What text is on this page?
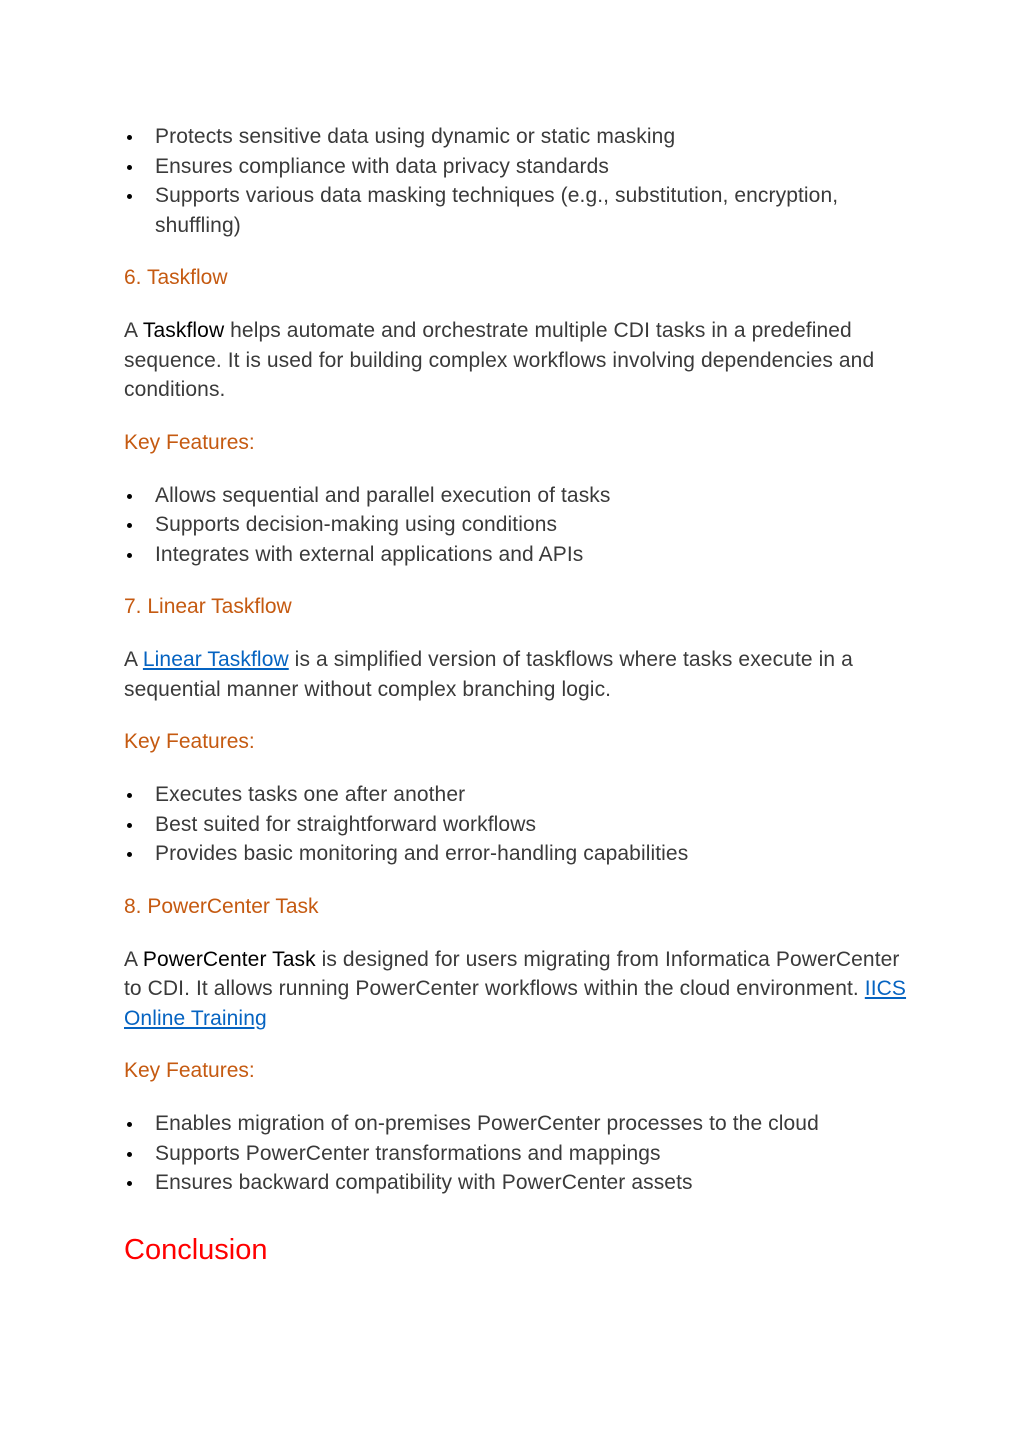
Protects sensitive data using dynamic or static masking
Ensures compliance with data privacy standards
Supports various data masking techniques (e.g., substitution, encryption, shuffling)
6. Taskflow

A Taskflow helps automate and orchestrate multiple CDI tasks in a predefined sequence. It is used for building complex workflows involving dependencies and conditions.

Key Features:
Allows sequential and parallel execution of tasks
Supports decision-making using conditions
Integrates with external applications and APIs
7. Linear Taskflow

A Linear Taskflow is a simplified version of taskflows where tasks execute in a sequential manner without complex branching logic.

Key Features:
Executes tasks one after another
Best suited for straightforward workflows
Provides basic monitoring and error-handling capabilities
8. PowerCenter Task

A PowerCenter Task is designed for users migrating from Informatica PowerCenter to CDI. It allows running PowerCenter workflows within the cloud environment. IICS Online Training

Key Features:
Enables migration of on-premises PowerCenter processes to the cloud
Supports PowerCenter transformations and mappings
Ensures backward compatibility with PowerCenter assets
Conclusion
